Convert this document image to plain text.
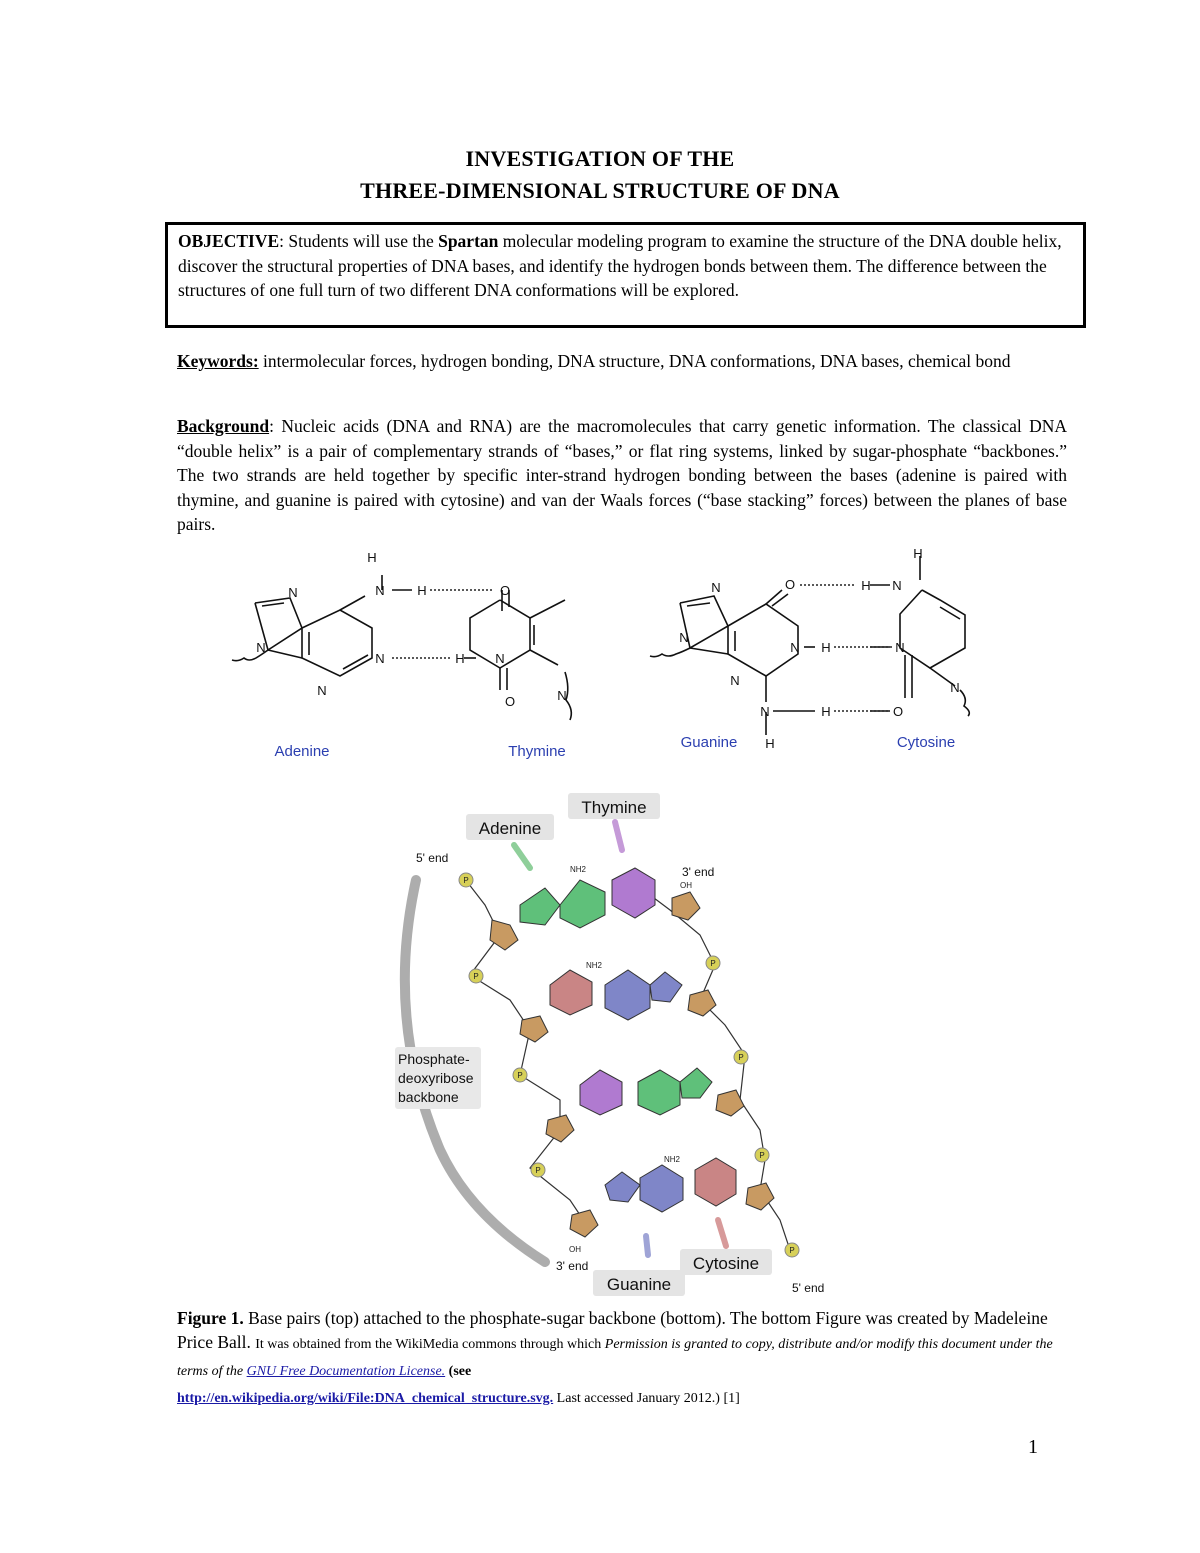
INVESTIGATION OF THE
THREE-DIMENSIONAL STRUCTURE OF DNA
OBJECTIVE: Students will use the Spartan molecular modeling program to examine the structure of the DNA double helix, discover the structural properties of DNA bases, and identify the hydrogen bonds between them. The difference between the structures of one full turn of two different DNA conformations will be explored.
Keywords: intermolecular forces, hydrogen bonding, DNA structure, DNA conformations, DNA bases, chemical bond
Background: Nucleic acids (DNA and RNA) are the macromolecules that carry genetic information. The classical DNA “double helix” is a pair of complementary strands of “bases,” or flat ring systems, linked by sugar-phosphate “backbones.” The two strands are held together by specific inter-strand hydrogen bonding between the bases (adenine is paired with thymine, and guanine is paired with cytosine) and van der Waals forces (“base stacking” forces) between the planes of base pairs.
N
N
N
N
N
H
H
H
O
N
N
O
N
N
N
O
N H
N	H
H
H N
H
N
O
N
Adenine	Thymine
Guanine	Cytosine
P
P
P
P
P
P
P
P
OH
OH
NH2
NH2
NH2
Adenine
Thymine
Guanine
Cytosine
5' end
3' end
3' end
5' end
Phosphate-
deoxyribose
backbone
Figure 1. Base pairs (top) attached to the phosphate-sugar backbone (bottom). The bottom Figure was created by Madeleine Price Ball. It was obtained from the WikiMedia commons through which Permission is granted to copy, distribute and/or modify this document under the terms of the GNU Free Documentation License. (see
http://en.wikipedia.org/wiki/File:DNA_chemical_structure.svg. Last accessed January 2012.) [1]
1
